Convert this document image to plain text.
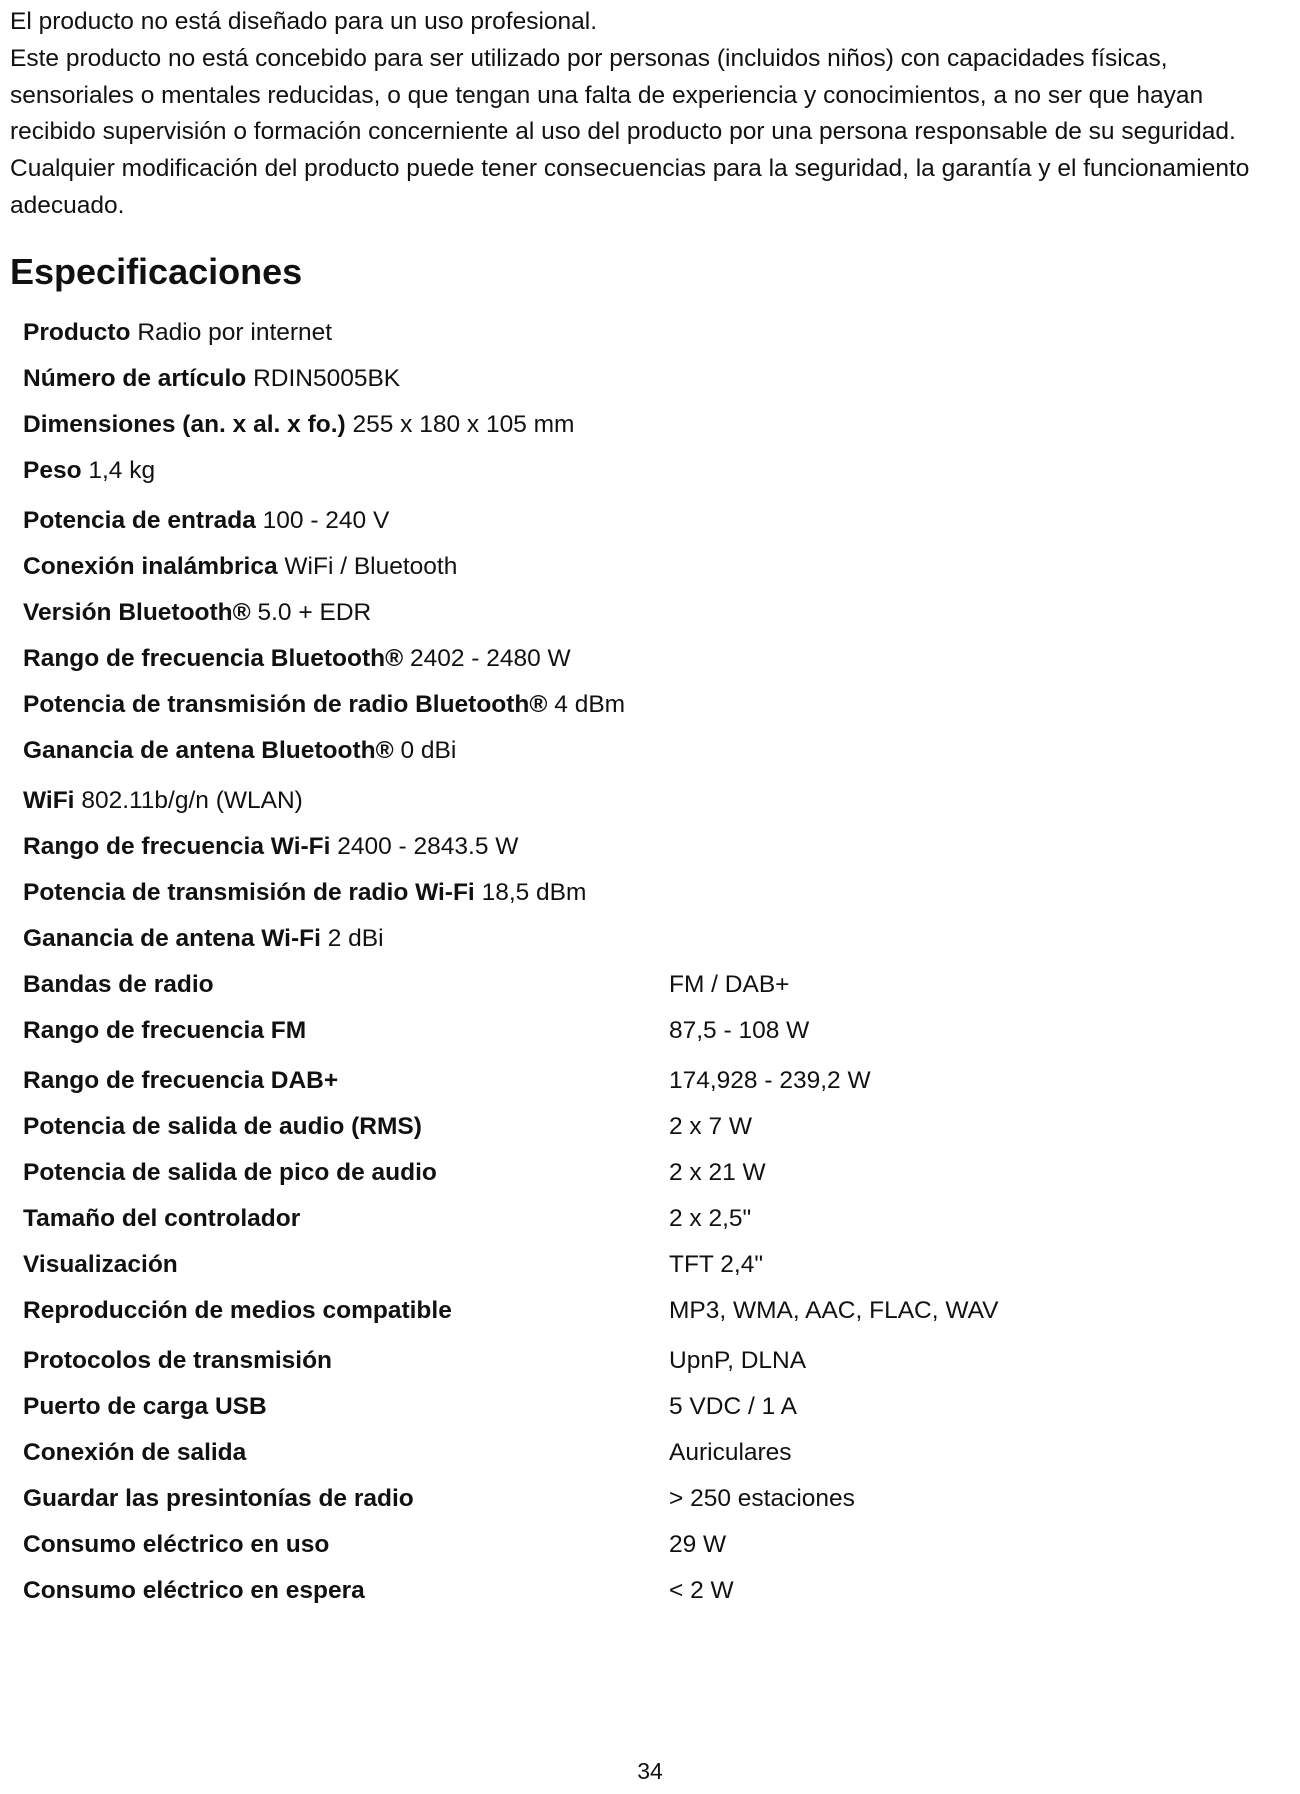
El producto no está diseñado para un uso profesional.

Este producto no está concebido para ser utilizado por personas (incluidos niños) con capacidades físicas, sensoriales o mentales reducidas, o que tengan una falta de experiencia y conocimientos, a no ser que hayan recibido supervisión o formación concerniente al uso del producto por una persona responsable de su seguridad. Cualquier modificación del producto puede tener consecuencias para la seguridad, la garantía y el funcionamiento adecuado.

Especificaciones
Producto Radio por internet
Número de artículo RDIN5005BK
Dimensiones (an. x al. x fo.) 255 x 180 x 105 mm
Peso 1,4 kg
Potencia de entrada 100 - 240 V
Conexión inalámbrica WiFi / Bluetooth
Versión Bluetooth® 5.0 + EDR
Rango de frecuencia Bluetooth® 2402 - 2480 W
Potencia de transmisión de radio Bluetooth® 4 dBm
Ganancia de antena Bluetooth® 0 dBi
WiFi 802.11b/g/n (WLAN)
Rango de frecuencia Wi-Fi 2400 - 2843.5 W
Potencia de transmisión de radio Wi-Fi 18,5 dBm
Ganancia de antena Wi-Fi 2 dBi
Bandas de radio	FM / DAB+
Rango de frecuencia FM	87,5 - 108 W
Rango de frecuencia DAB+	174,928 - 239,2 W
Potencia de salida de audio (RMS)	2 x 7 W
Potencia de salida de pico de audio	2 x 21 W
Tamaño del controlador	2 x 2,5"
Visualización	TFT 2,4"
Reproducción de medios compatible	MP3, WMA, AAC, FLAC, WAV
Protocolos de transmisión	UpnP, DLNA
Puerto de carga USB	5 VDC / 1 A
Conexión de salida	Auriculares
Guardar las presintonías de radio	> 250 estaciones
Consumo eléctrico en uso	29 W
Consumo eléctrico en espera	< 2 W
34
